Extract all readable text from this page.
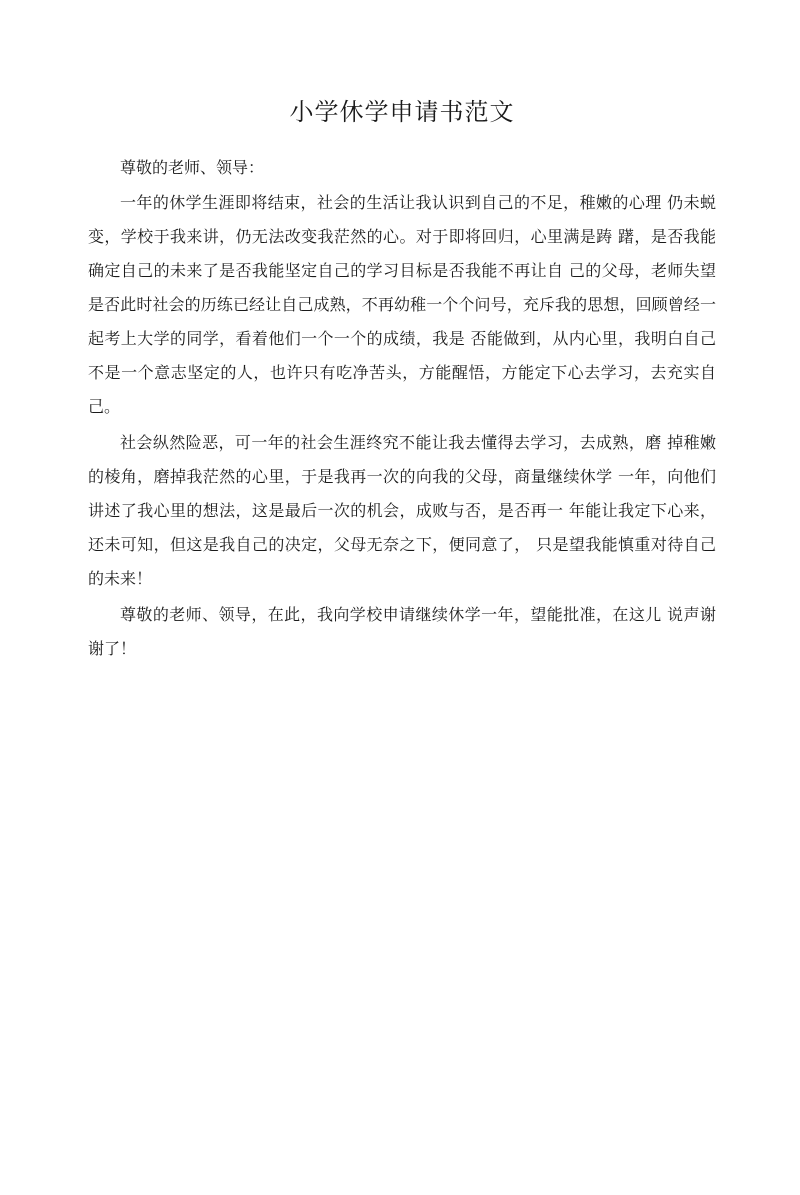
小学休学申请书范文

尊敬的老师、领导：

一年的休学生涯即将结束，社会的生活让我认识到自己的不足，稚嫩的心理 仍未蜕变，学校于我来讲，仍无法改变我茫然的心。对于即将回归，心里满是踌 躇，是否我能确定自己的未来了是否我能坚定自己的学习目标是否我能不再让自 己的父母，老师失望是否此时社会的历练已经让自己成熟，不再幼稚一个个问号，充斥我的思想，回顾曾经一起考上大学的同学，看着他们一个一个的成绩，我是 否能做到，从内心里，我明白自己不是一个意志坚定的人，也许只有吃净苦头，方能醒悟，方能定下心去学习，去充实自己。

社会纵然险恶，可一年的社会生涯终究不能让我去懂得去学习，去成熟，磨 掉稚嫩的棱角，磨掉我茫然的心里，于是我再一次的向我的父母，商量继续休学 一年，向他们讲述了我心里的想法，这是最后一次的机会，成败与否，是否再一 年能让我定下心来，还未可知，但这是我自己的决定，父母无奈之下，便同意了， 只是望我能慎重对待自己的未来！

尊敬的老师、领导，在此，我向学校申请继续休学一年，望能批准，在这儿 说声谢谢了！
